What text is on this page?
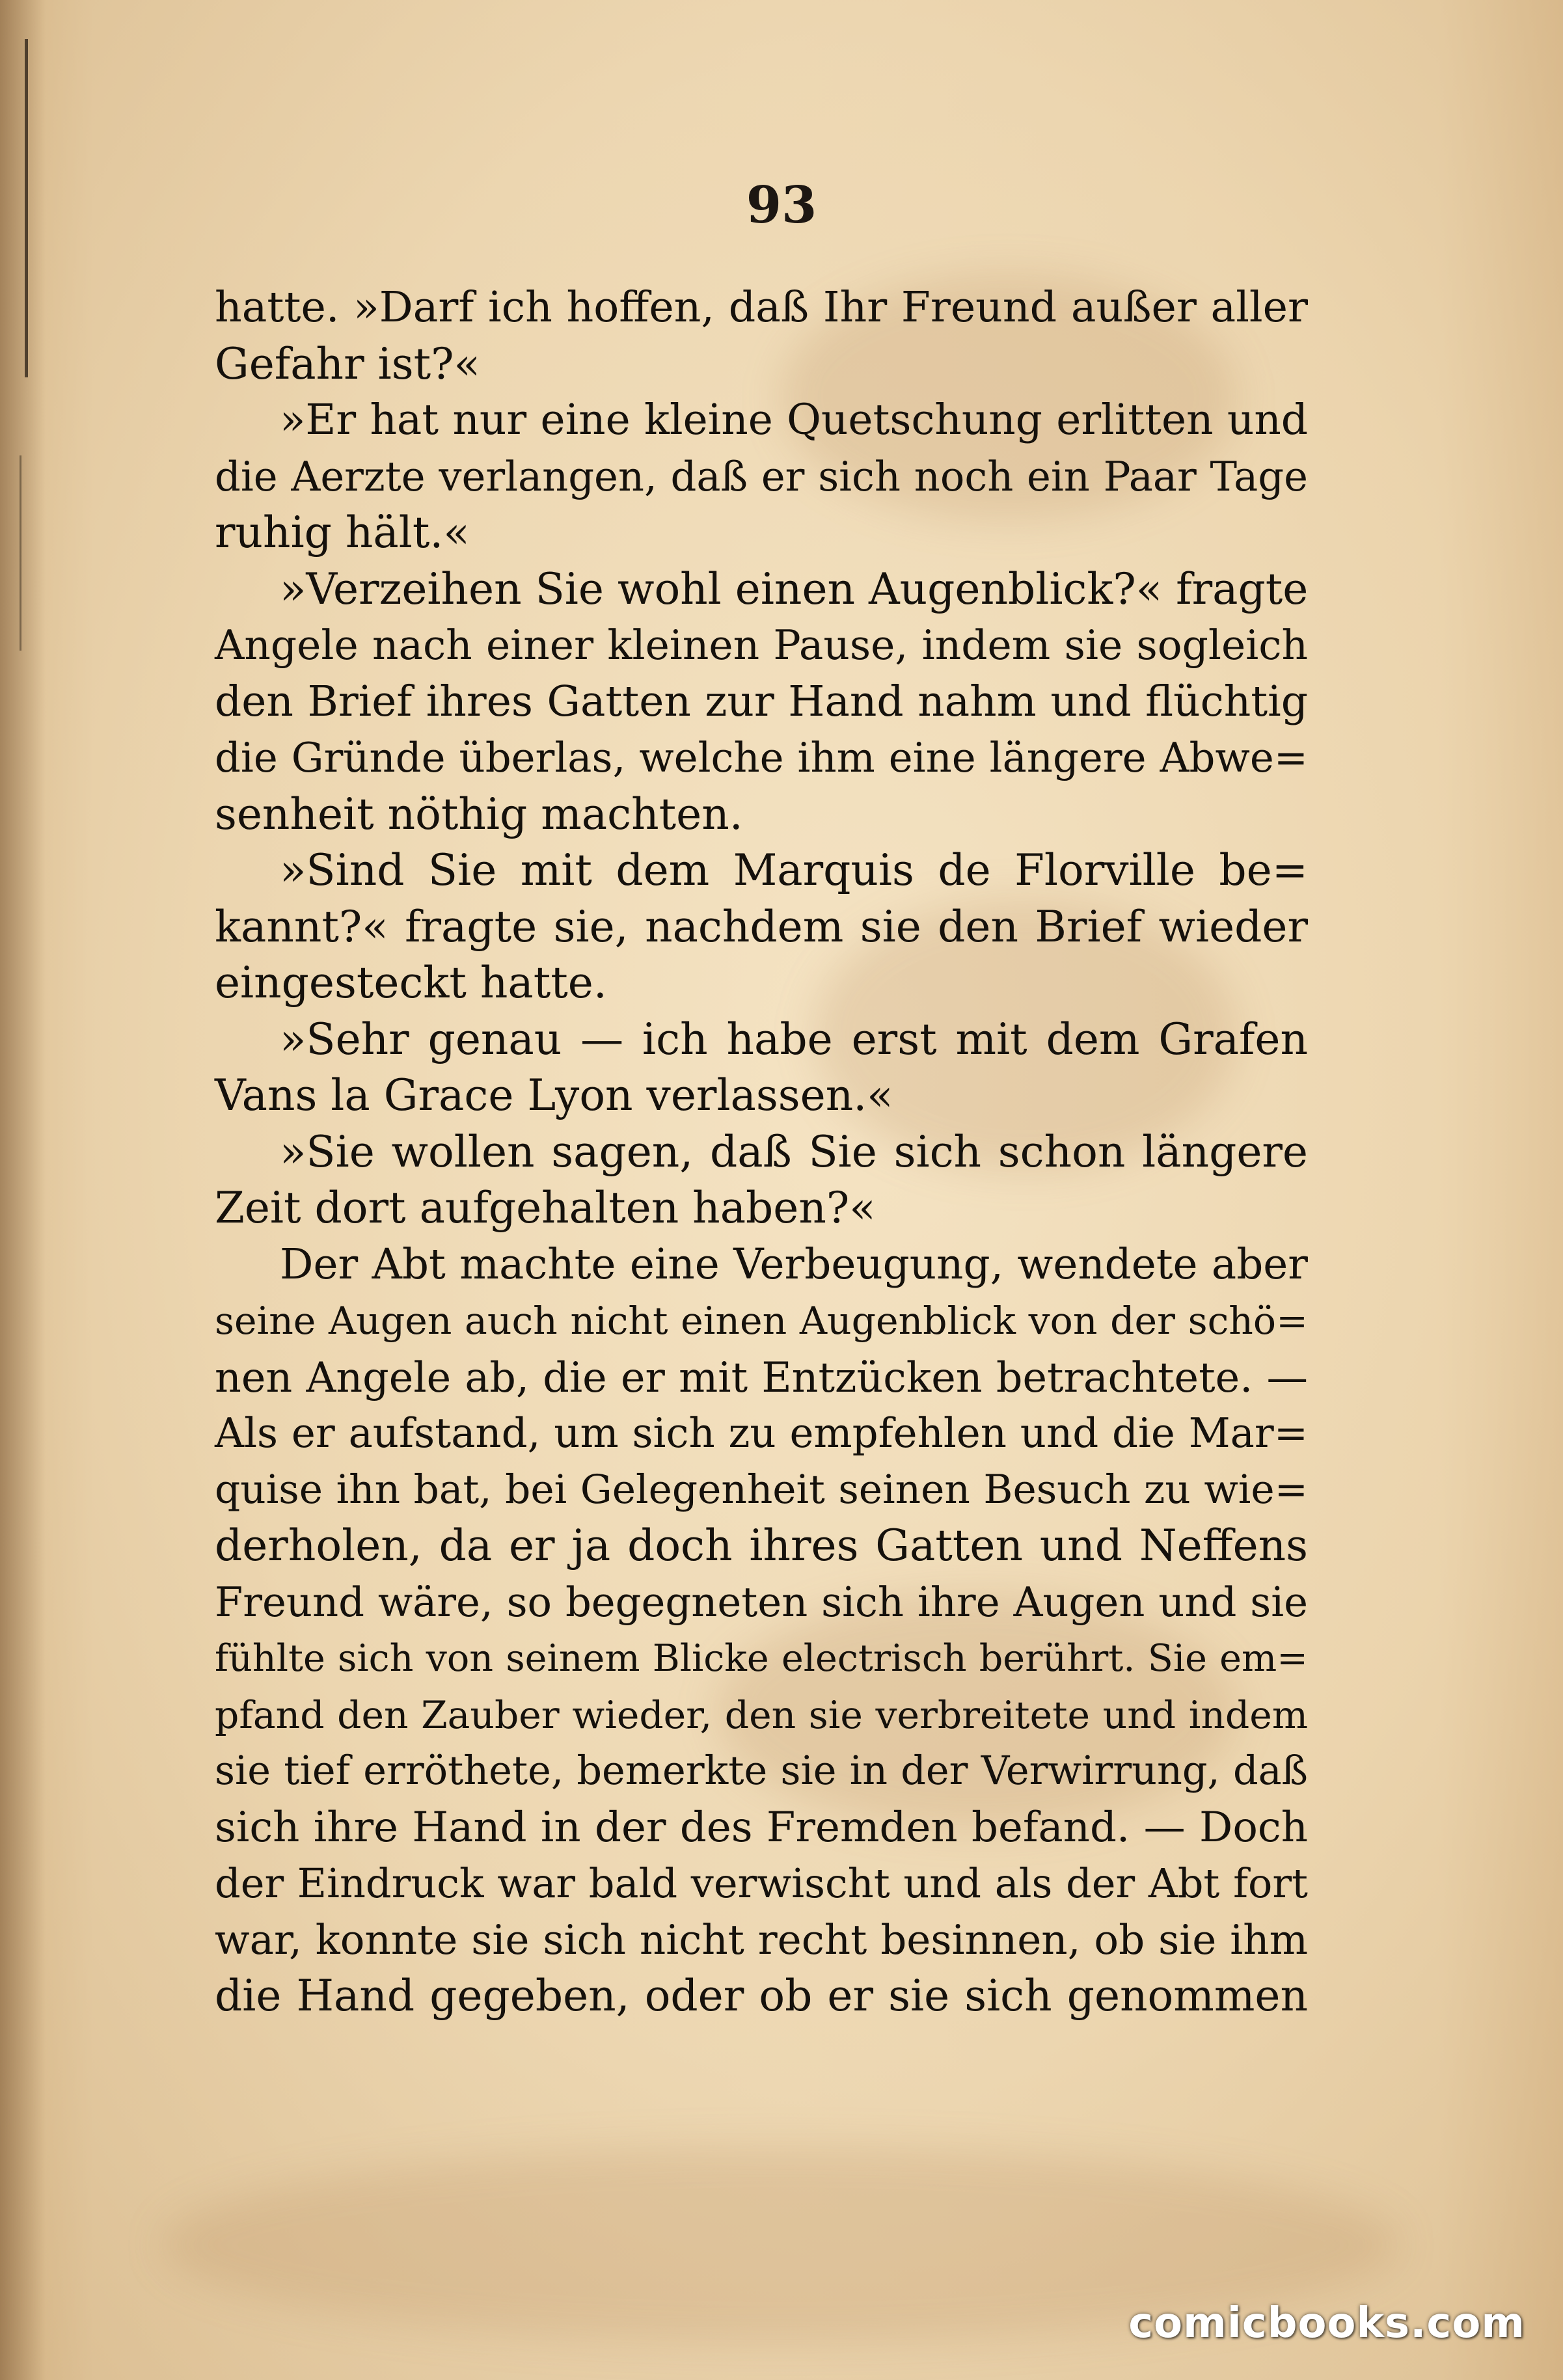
93
hatte. »Darf ich hoffen, daß Ihr Freund außer aller
Gefahr ist?«
»Er hat nur eine kleine Quetschung erlitten und
die Aerzte verlangen, daß er sich noch ein Paar Tage
ruhig hält.«
»Verzeihen Sie wohl einen Augenblick?« fragte
Angele nach einer kleinen Pause, indem sie sogleich
den Brief ihres Gatten zur Hand nahm und flüchtig
die Gründe überlas, welche ihm eine längere Abwe=
senheit nöthig machten.
»Sind Sie mit dem Marquis de Florville be=
kannt?« fragte sie, nachdem sie den Brief wieder
eingesteckt hatte.
»Sehr genau — ich habe erst mit dem Grafen
Vans la Grace Lyon verlassen.«
»Sie wollen sagen, daß Sie sich schon längere
Zeit dort aufgehalten haben?«
Der Abt machte eine Verbeugung, wendete aber
seine Augen auch nicht einen Augenblick von der schö=
nen Angele ab, die er mit Entzücken betrachtete. —
Als er aufstand, um sich zu empfehlen und die Mar=
quise ihn bat, bei Gelegenheit seinen Besuch zu wie=
derholen, da er ja doch ihres Gatten und Neffens
Freund wäre, so begegneten sich ihre Augen und sie
fühlte sich von seinem Blicke electrisch berührt. Sie em=
pfand den Zauber wieder, den sie verbreitete und indem
sie tief erröthete, bemerkte sie in der Verwirrung, daß
sich ihre Hand in der des Fremden befand. — Doch
der Eindruck war bald verwischt und als der Abt fort
war, konnte sie sich nicht recht besinnen, ob sie ihm
die Hand gegeben, oder ob er sie sich genommen
comicbooks.com
